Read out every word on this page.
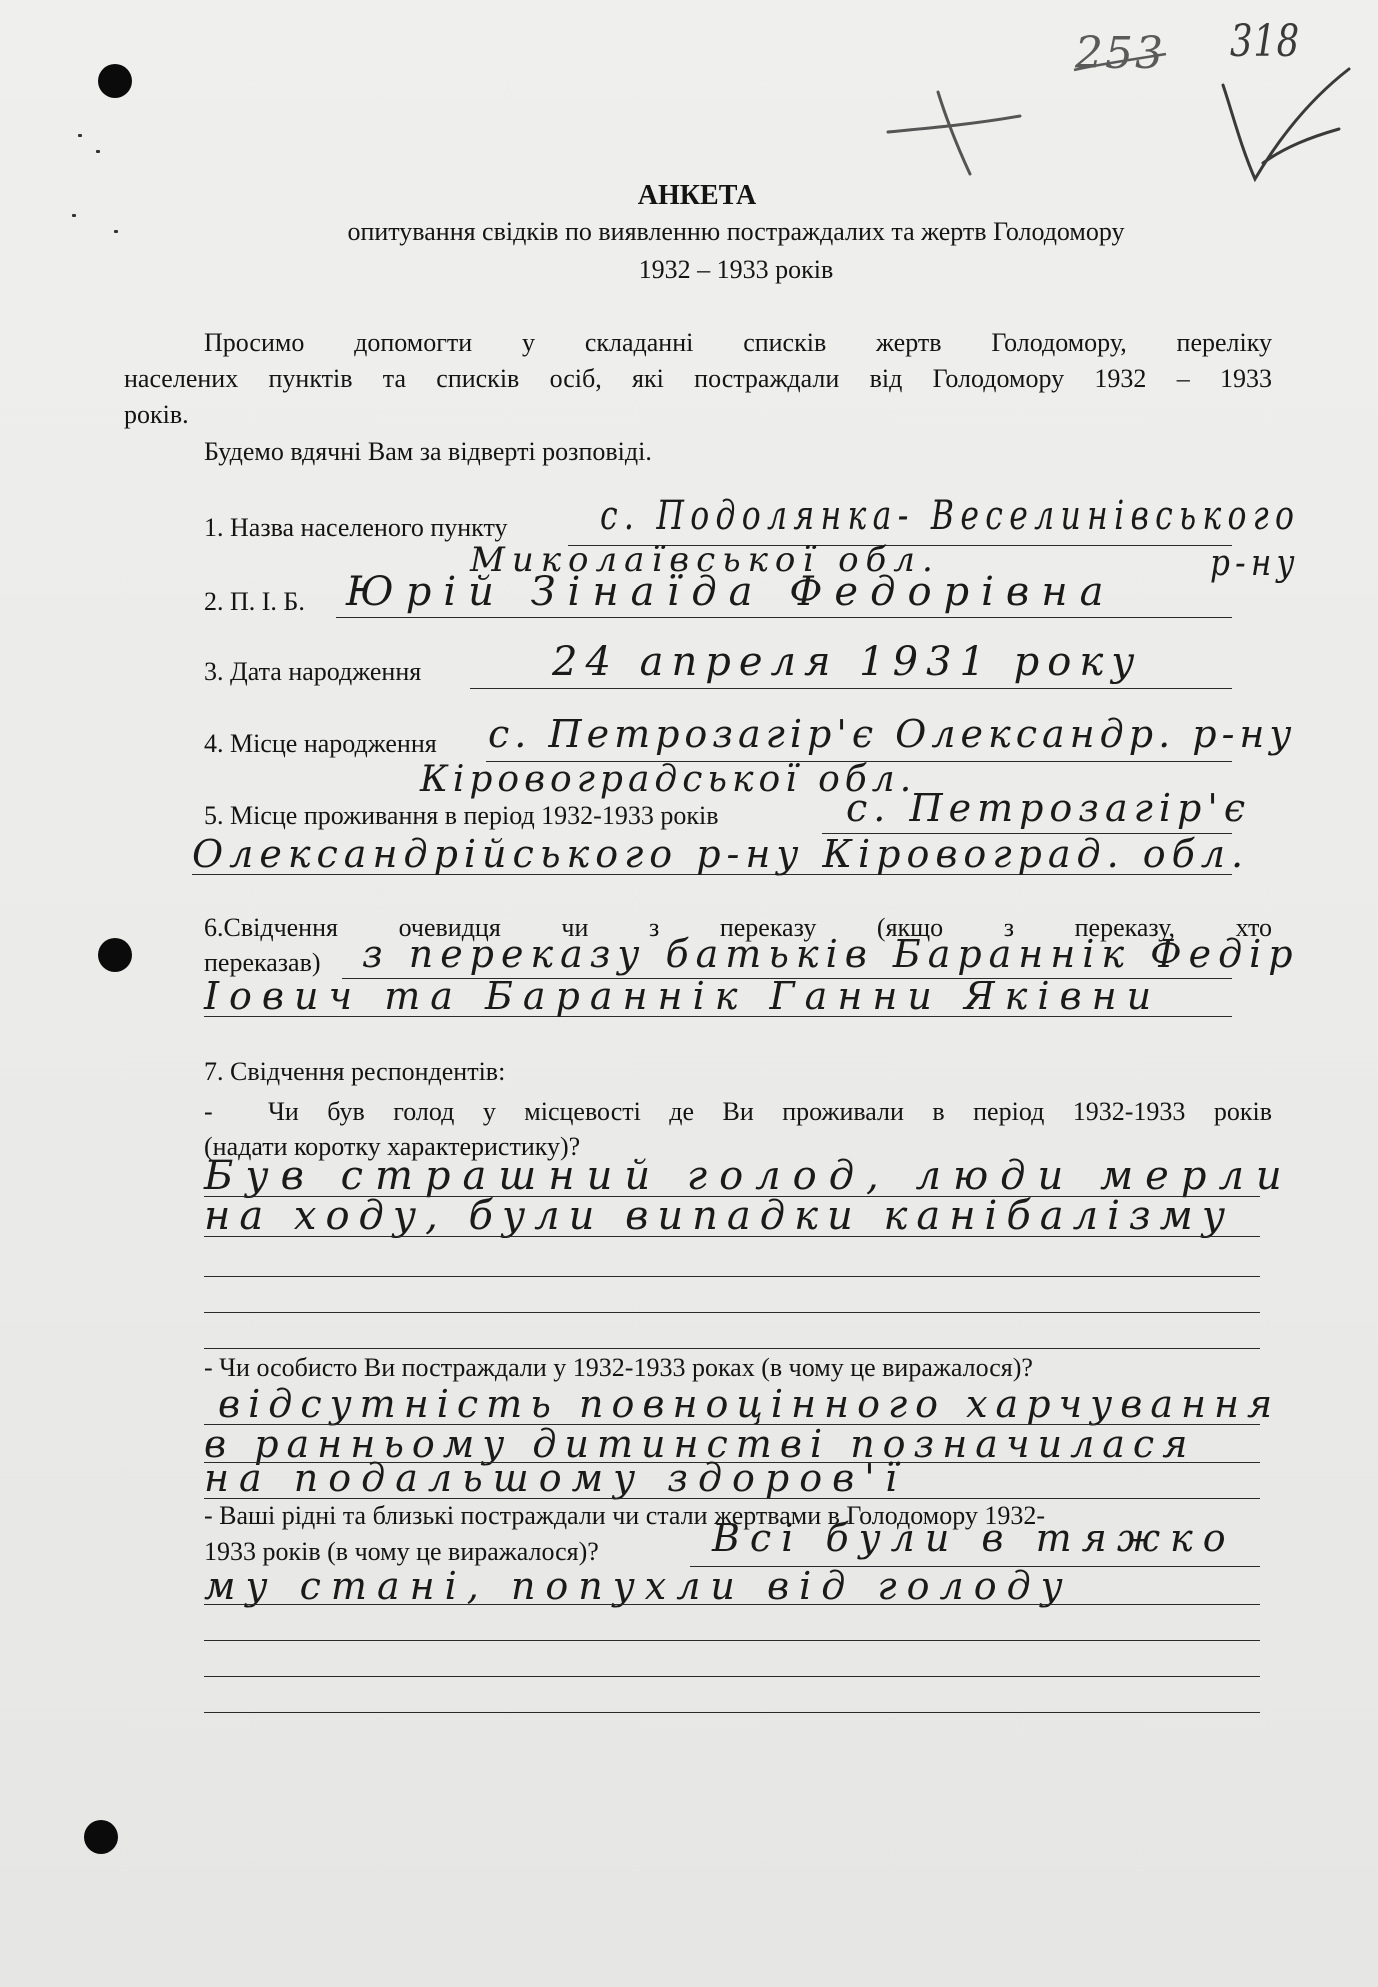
253 318
АНКЕТА
опитування свідків по виявленню постраждалих та жертв Голодомору
1932 – 1933 років
Просимо допомогти у складанні списків жертв Голодомору, переліку
населених пунктів та списків осіб, які постраждали від Голодомору 1932 – 1933
років.
Будемо вдячні Вам за відверті розповіді.
1. Назва населеного пункту с. Подолянка- Веселинівського
Миколаївської обл.	р-ну
2. П. І. Б. Юрій Зінаїда Федорівна
3. Дата народження	24 апреля 1931 року
4. Місце народження с. Петрозагір'є Олександр. р-ну
Кіровоградської обл.
5. Місце проживання в період 1932-1933 років	с. Петрозагір'є
Олександрійського р-ну Кіровоград. обл.
6.Свідчення очевидця чи з переказу (якщо з переказу, хто
переказав) з переказу батьків Бараннік Федір
Іович та Бараннік Ганни Яківни
7. Свідчення респондентів:
- Чи був голод у місцевості де Ви проживали в період 1932-1933 років
(надати коротку характеристику)?
Був страшний голод, люди мерли
на ходу, були випадки канібалізму
- Чи особисто Ви постраждали у 1932-1933 роках (в чому це виражалося)?
відсутність повноцінного харчування
в ранньому дитинстві позначилася
на подальшому здоров'ї
- Ваші рідні та близькі постраждали чи стали жертвами в Голодомору 1932-
1933 років (в чому це виражалося)?	Всі були в тяжко
му стані, попухли від голоду
